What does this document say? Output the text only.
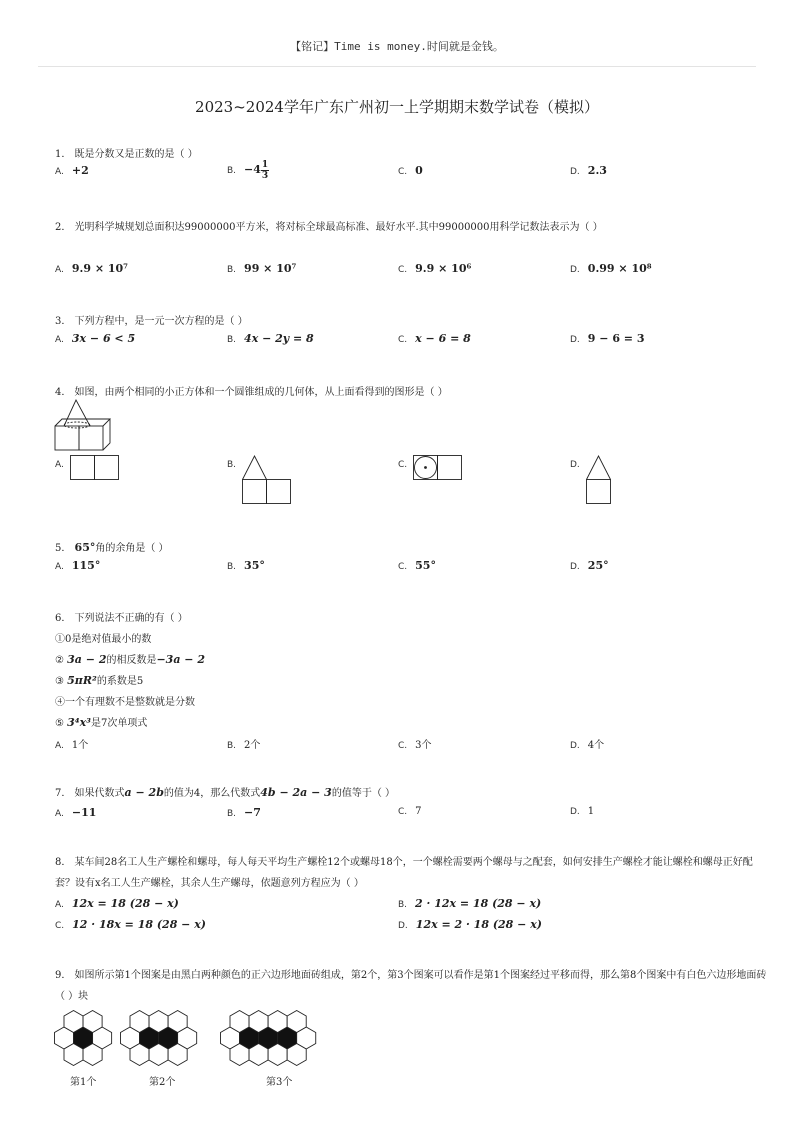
【铭记】Time is money.时间就是金钱。
2023~2024学年广东广州初一上学期期末数学试卷（模拟）
1． 既是分数又是正数的是（ ）
A. +2	B. $-4 \frac{1}{3}$	C. 0	D. 2.3
2． 光明科学城规划总面积达99000000平方米，将对标全球最高标准、最好水平.其中99000000用科学记数法表示为（ ）
A. 9.9 × 10⁷	B. 99 × 10⁷	C. 9.9 × 10⁶	D. 0.99 × 10⁸
3． 下列方程中，是一元一次方程的是（ ）
A. 3x − 6 < 5	B. 4x − 2y = 8	C. x − 6 = 8	D. 9 − 6 = 3
4． 如图，由两个相同的小正方体和一个圆锥组成的几何体，从上面看得到的图形是（ ）
A.	B.	C.	D.
5． 65°角的余角是（ ）
A. 115°	B. 35°	C. 55°	D. 25°
6． 下列说法不正确的有（ ）
①0是绝对值最小的数
② 3a − 2的相反数是−3a − 2
③ 5πR²的系数是5
④一个有理数不是整数就是分数
⑤ 3⁴x³是7次单项式
A. 1个	B. 2个	C. 3个	D. 4个
7． 如果代数式a − 2b的值为4，那么代数式4b − 2a − 3的值等于（ ）
A. −11	B. −7	C. 7	D. 1
8． 某车间28名工人生产螺栓和螺母，每人每天平均生产螺栓12个或螺母18个，一个螺栓需要两个螺母与之配套，如何安排生产螺栓才能让螺栓和螺母正好配套？设有x名工人生产螺栓，其余人生产螺母，依题意列方程应为（ ）
A. 12x = 18 (28 − x)	B. 2 · 12x = 18 (28 − x)
C. 12 · 18x = 18 (28 − x)	D. 12x = 2 · 18 (28 − x)
9． 如图所示第1个图案是由黑白两种颜色的正六边形地面砖组成，第2个，第3个图案可以看作是第1个图案经过平移而得，那么第8个图案中有白色六边形地面砖（ ）块
第1个	第2个	第3个
